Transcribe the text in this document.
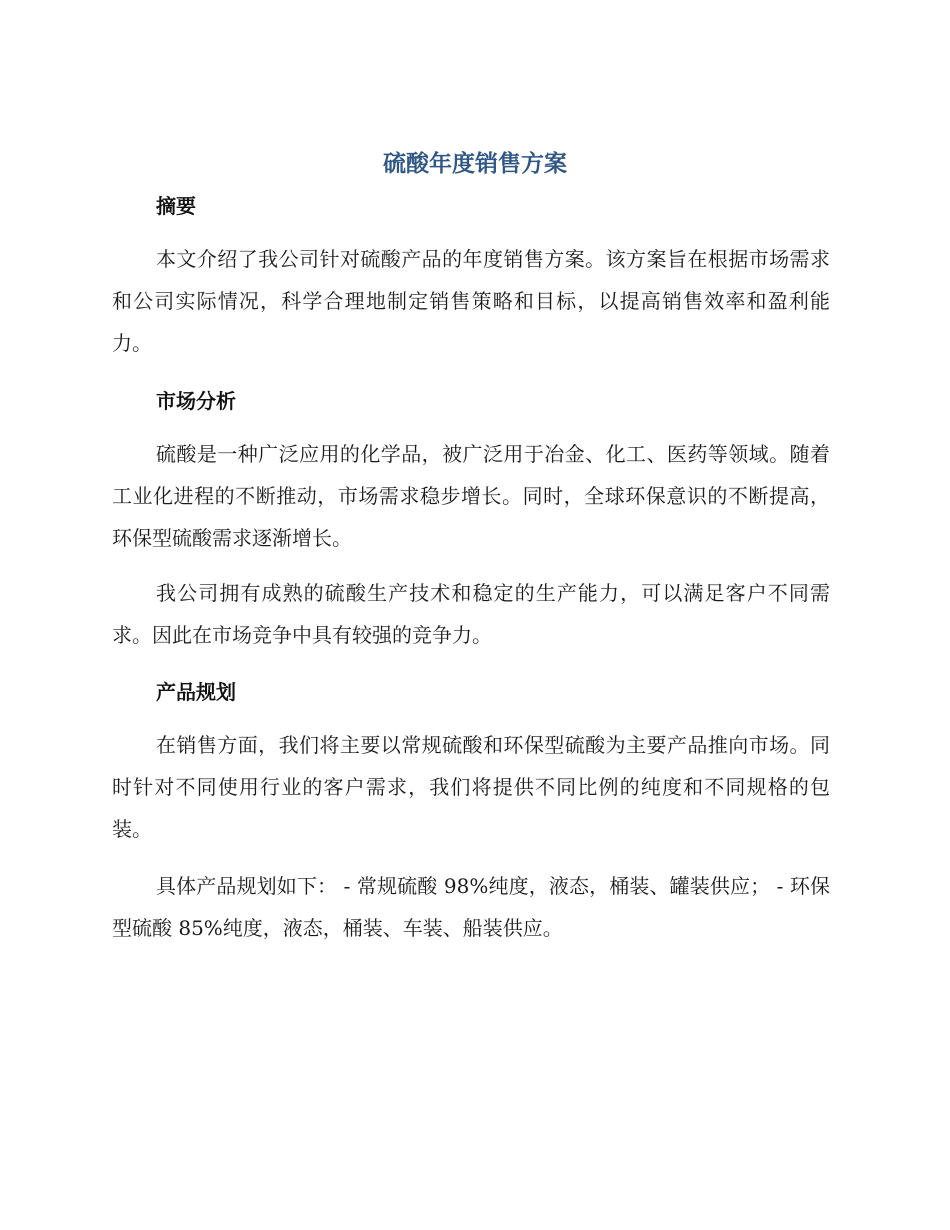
硫酸年度销售方案
摘要

本文介绍了我公司针对硫酸产品的年度销售方案。该方案旨在根据市场需求和公司实际情况，科学合理地制定销售策略和目标，以提高销售效率和盈利能力。

市场分析

硫酸是一种广泛应用的化学品，被广泛用于冶金、化工、医药等领域。随着工业化进程的不断推动，市场需求稳步增长。同时，全球环保意识的不断提高，环保型硫酸需求逐渐增长。

我公司拥有成熟的硫酸生产技术和稳定的生产能力，可以满足客户不同需求。因此在市场竞争中具有较强的竞争力。

产品规划

在销售方面，我们将主要以常规硫酸和环保型硫酸为主要产品推向市场。同时针对不同使用行业的客户需求，我们将提供不同比例的纯度和不同规格的包装。

具体产品规划如下： - 常规硫酸 98%纯度，液态，桶装、罐装供应； - 环保型硫酸 85%纯度，液态，桶装、车装、船装供应。
